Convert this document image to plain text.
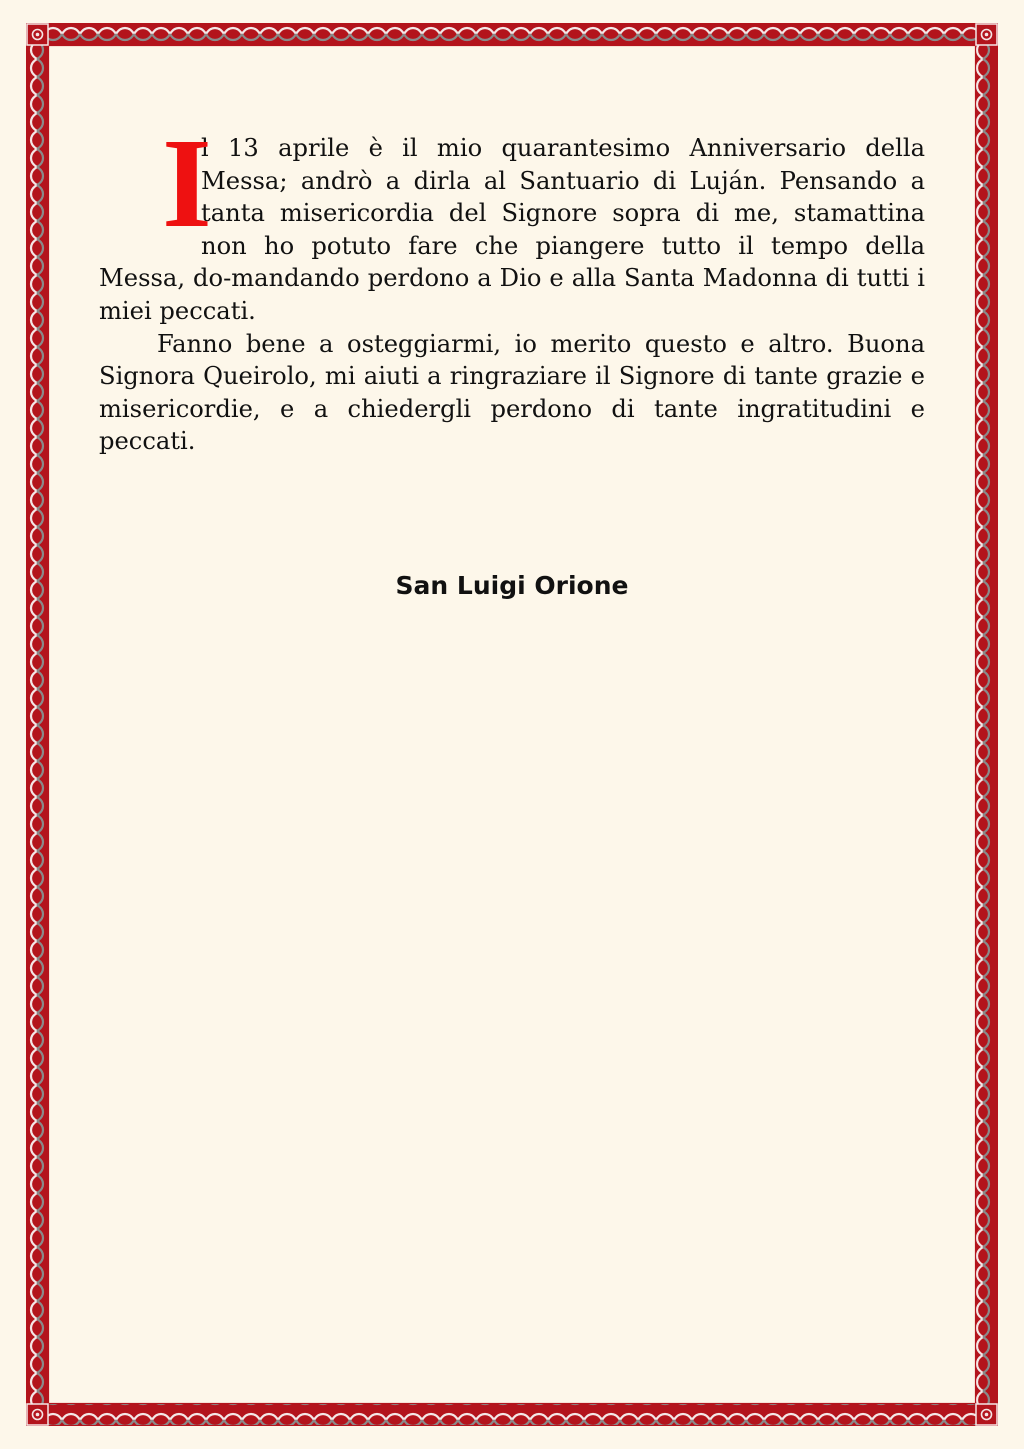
I
l 13 aprile è il mio quarantesimo Anniversario della Messa; andrò a dirla al Santuario di Luján. Pensando a tanta misericordia del Signore sopra di me, stamattina non ho potuto fare che piangere tutto il tempo della Messa, do-mandando perdono a Dio e alla Santa Madonna di tutti i miei peccati.

Fanno bene a osteggiarmi, io merito questo e altro. Buona Signora Queirolo, mi aiuti a ringraziare il Signore di tante grazie e misericordie, e a chiedergli perdono di tante ingratitudini e peccati.

San Luigi Orione
